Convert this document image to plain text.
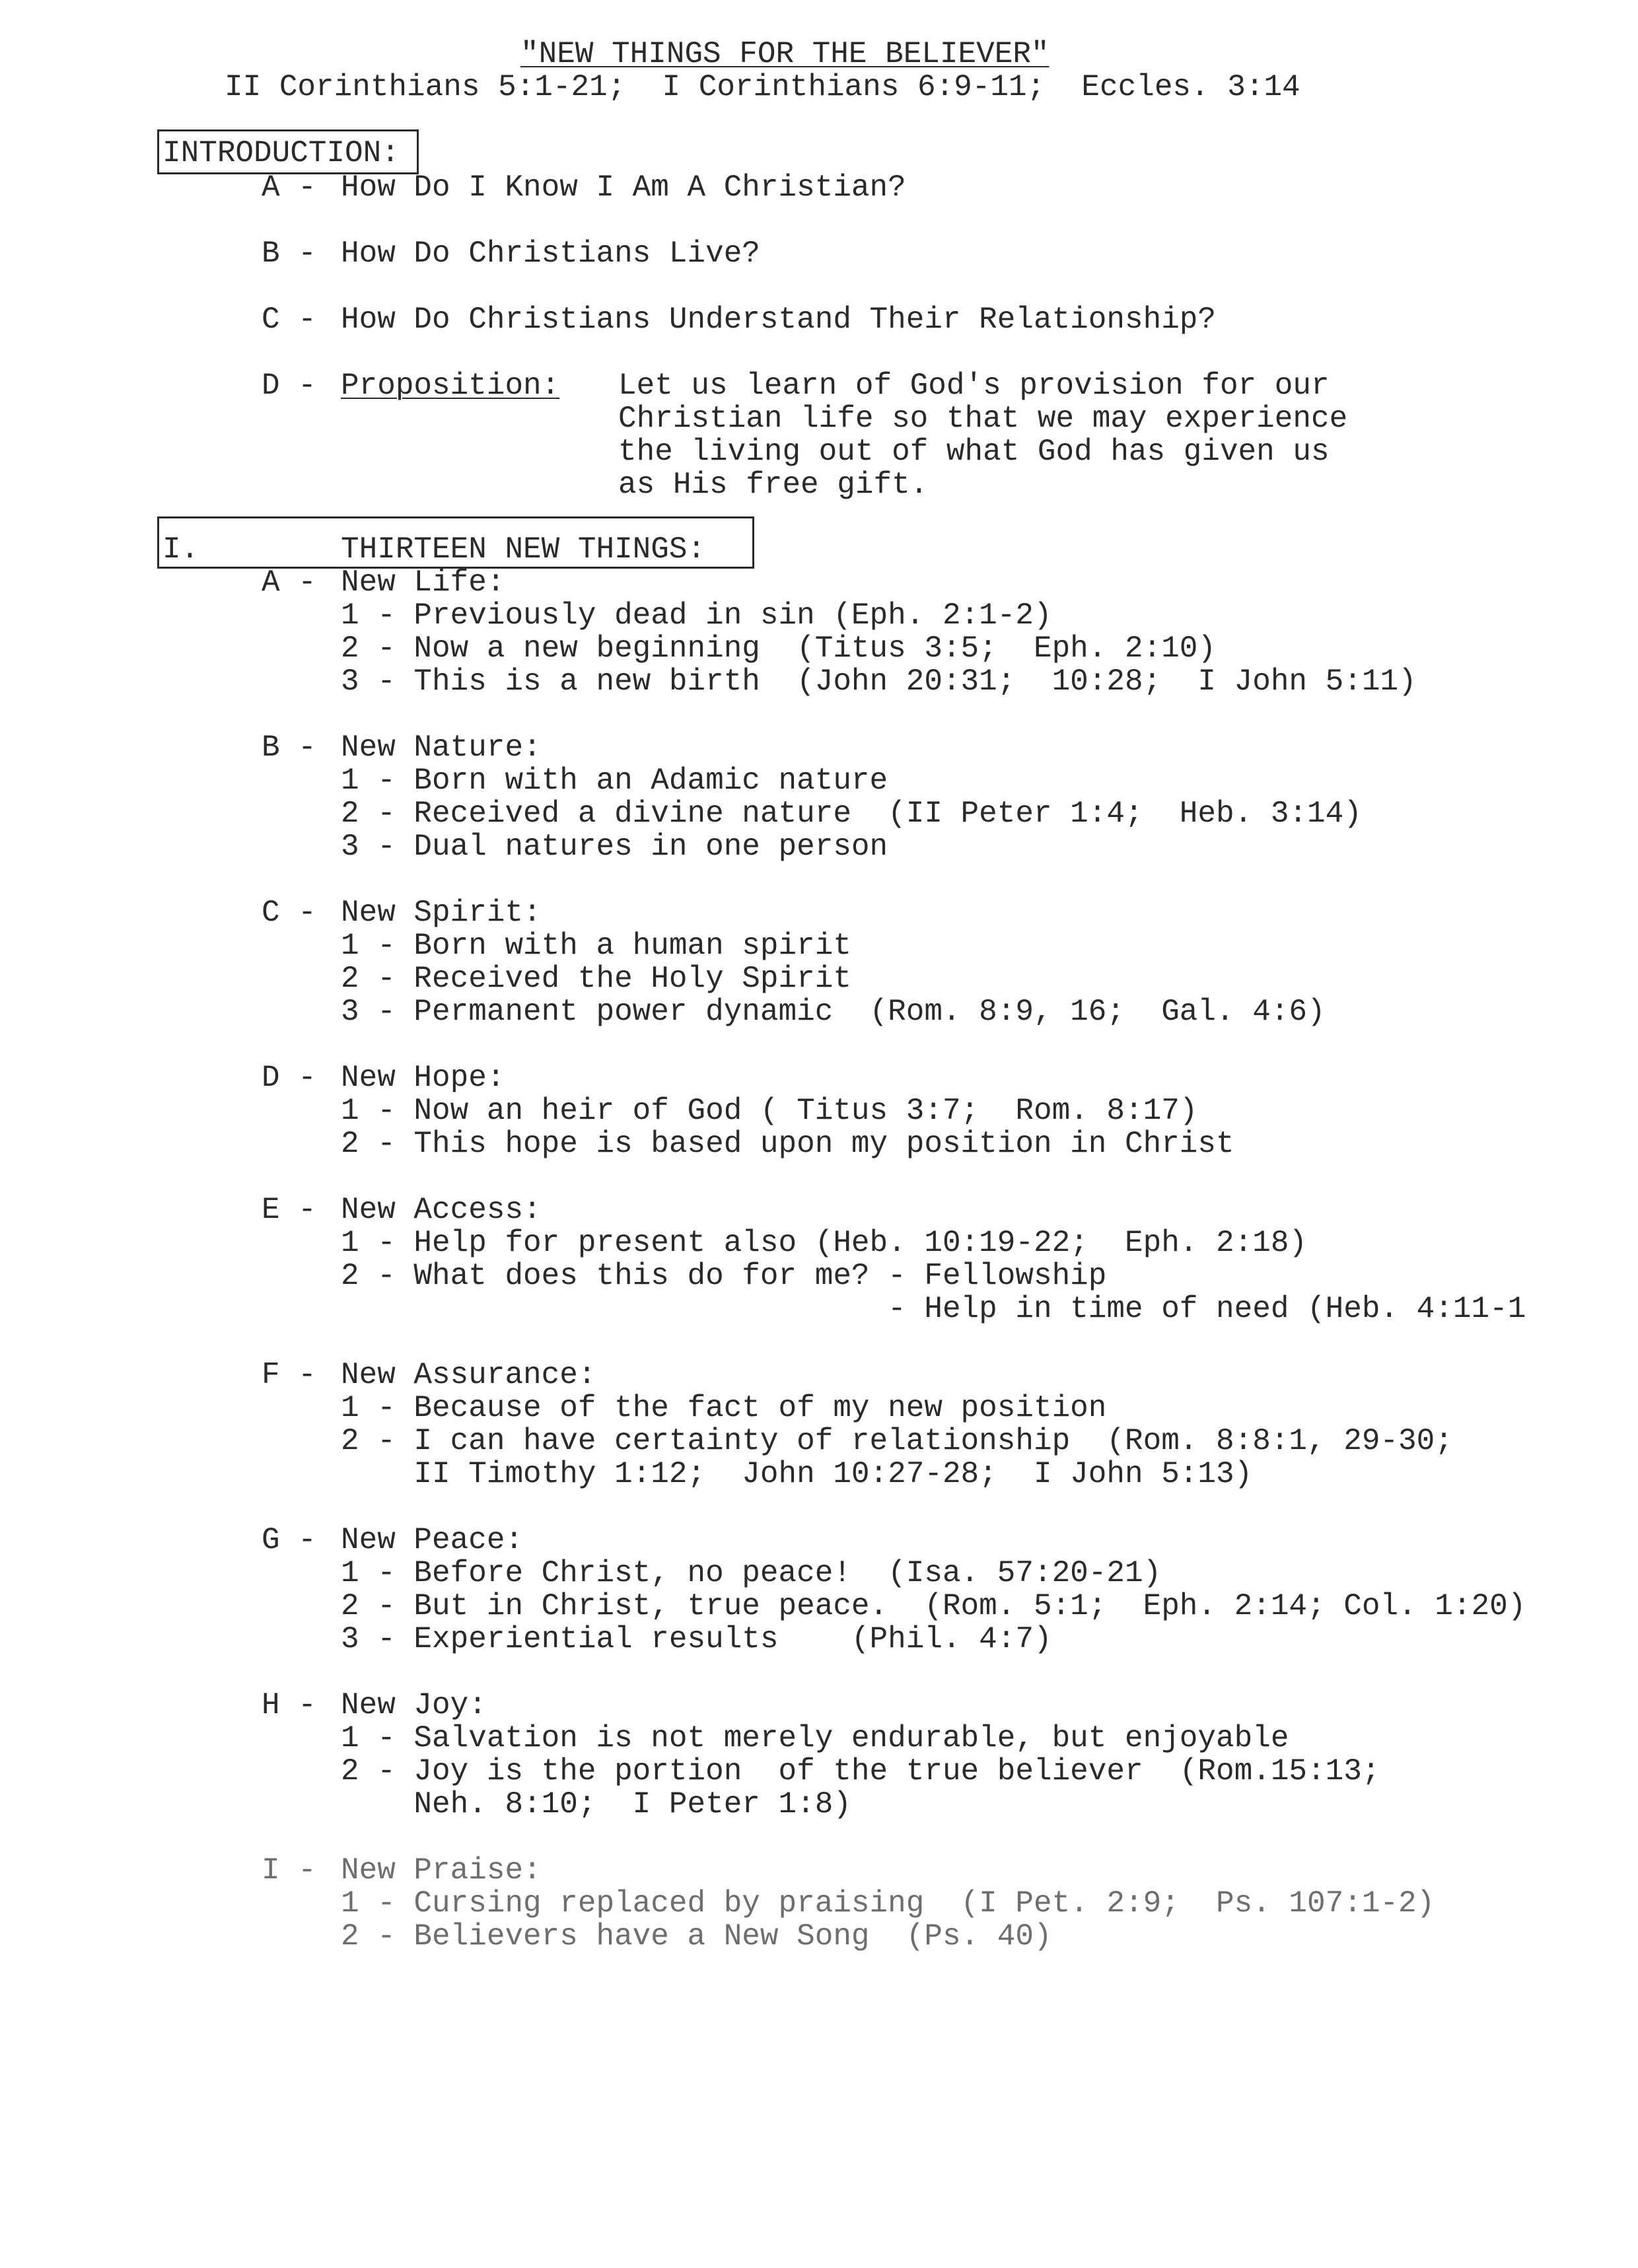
"NEW THINGS FOR THE BELIEVER"
II Corinthians 5:1-21;  I Corinthians 6:9-11;  Eccles. 3:14
INTRODUCTION:
A - How Do I Know I Am A Christian?
B - How Do Christians Live?
C - How Do Christians Understand Their Relationship?
D - Proposition: Let us learn of God's provision for our
Christian life so that we may experience
the living out of what God has given us
as His free gift.
I.	THIRTEEN NEW THINGS:
A - New Life:
1 - Previously dead in sin (Eph. 2:1-2)
2 - Now a new beginning  (Titus 3:5;  Eph. 2:10)
3 - This is a new birth  (John 20:31;  10:28;  I John 5:11)
B - New Nature:
1 - Born with an Adamic nature
2 - Received a divine nature  (II Peter 1:4;  Heb. 3:14)
3 - Dual natures in one person
C - New Spirit:
1 - Born with a human spirit
2 - Received the Holy Spirit
3 - Permanent power dynamic  (Rom. 8:9, 16;  Gal. 4:6)
D - New Hope:
1 - Now an heir of God ( Titus 3:7;  Rom. 8:17)
2 - This hope is based upon my position in Christ
E - New Access:
1 - Help for present also (Heb. 10:19-22;  Eph. 2:18)
2 - What does this do for me? - Fellowship
- Help in time of need (Heb. 4:11-1
F - New Assurance:
1 - Because of the fact of my new position
2 - I can have certainty of relationship  (Rom. 8:8:1, 29-30;
II Timothy 1:12;  John 10:27-28;  I John 5:13)
G - New Peace:
1 - Before Christ, no peace!  (Isa. 57:20-21)
2 - But in Christ, true peace.  (Rom. 5:1;  Eph. 2:14; Col. 1:20)
3 - Experiential results    (Phil. 4:7)
H - New Joy:
1 - Salvation is not merely endurable, but enjoyable
2 - Joy is the portion  of the true believer  (Rom.15:13;
Neh. 8:10;  I Peter 1:8)
I - New Praise:
1 - Cursing replaced by praising  (I Pet. 2:9;  Ps. 107:1-2)
2 - Believers have a New Song  (Ps. 40)
